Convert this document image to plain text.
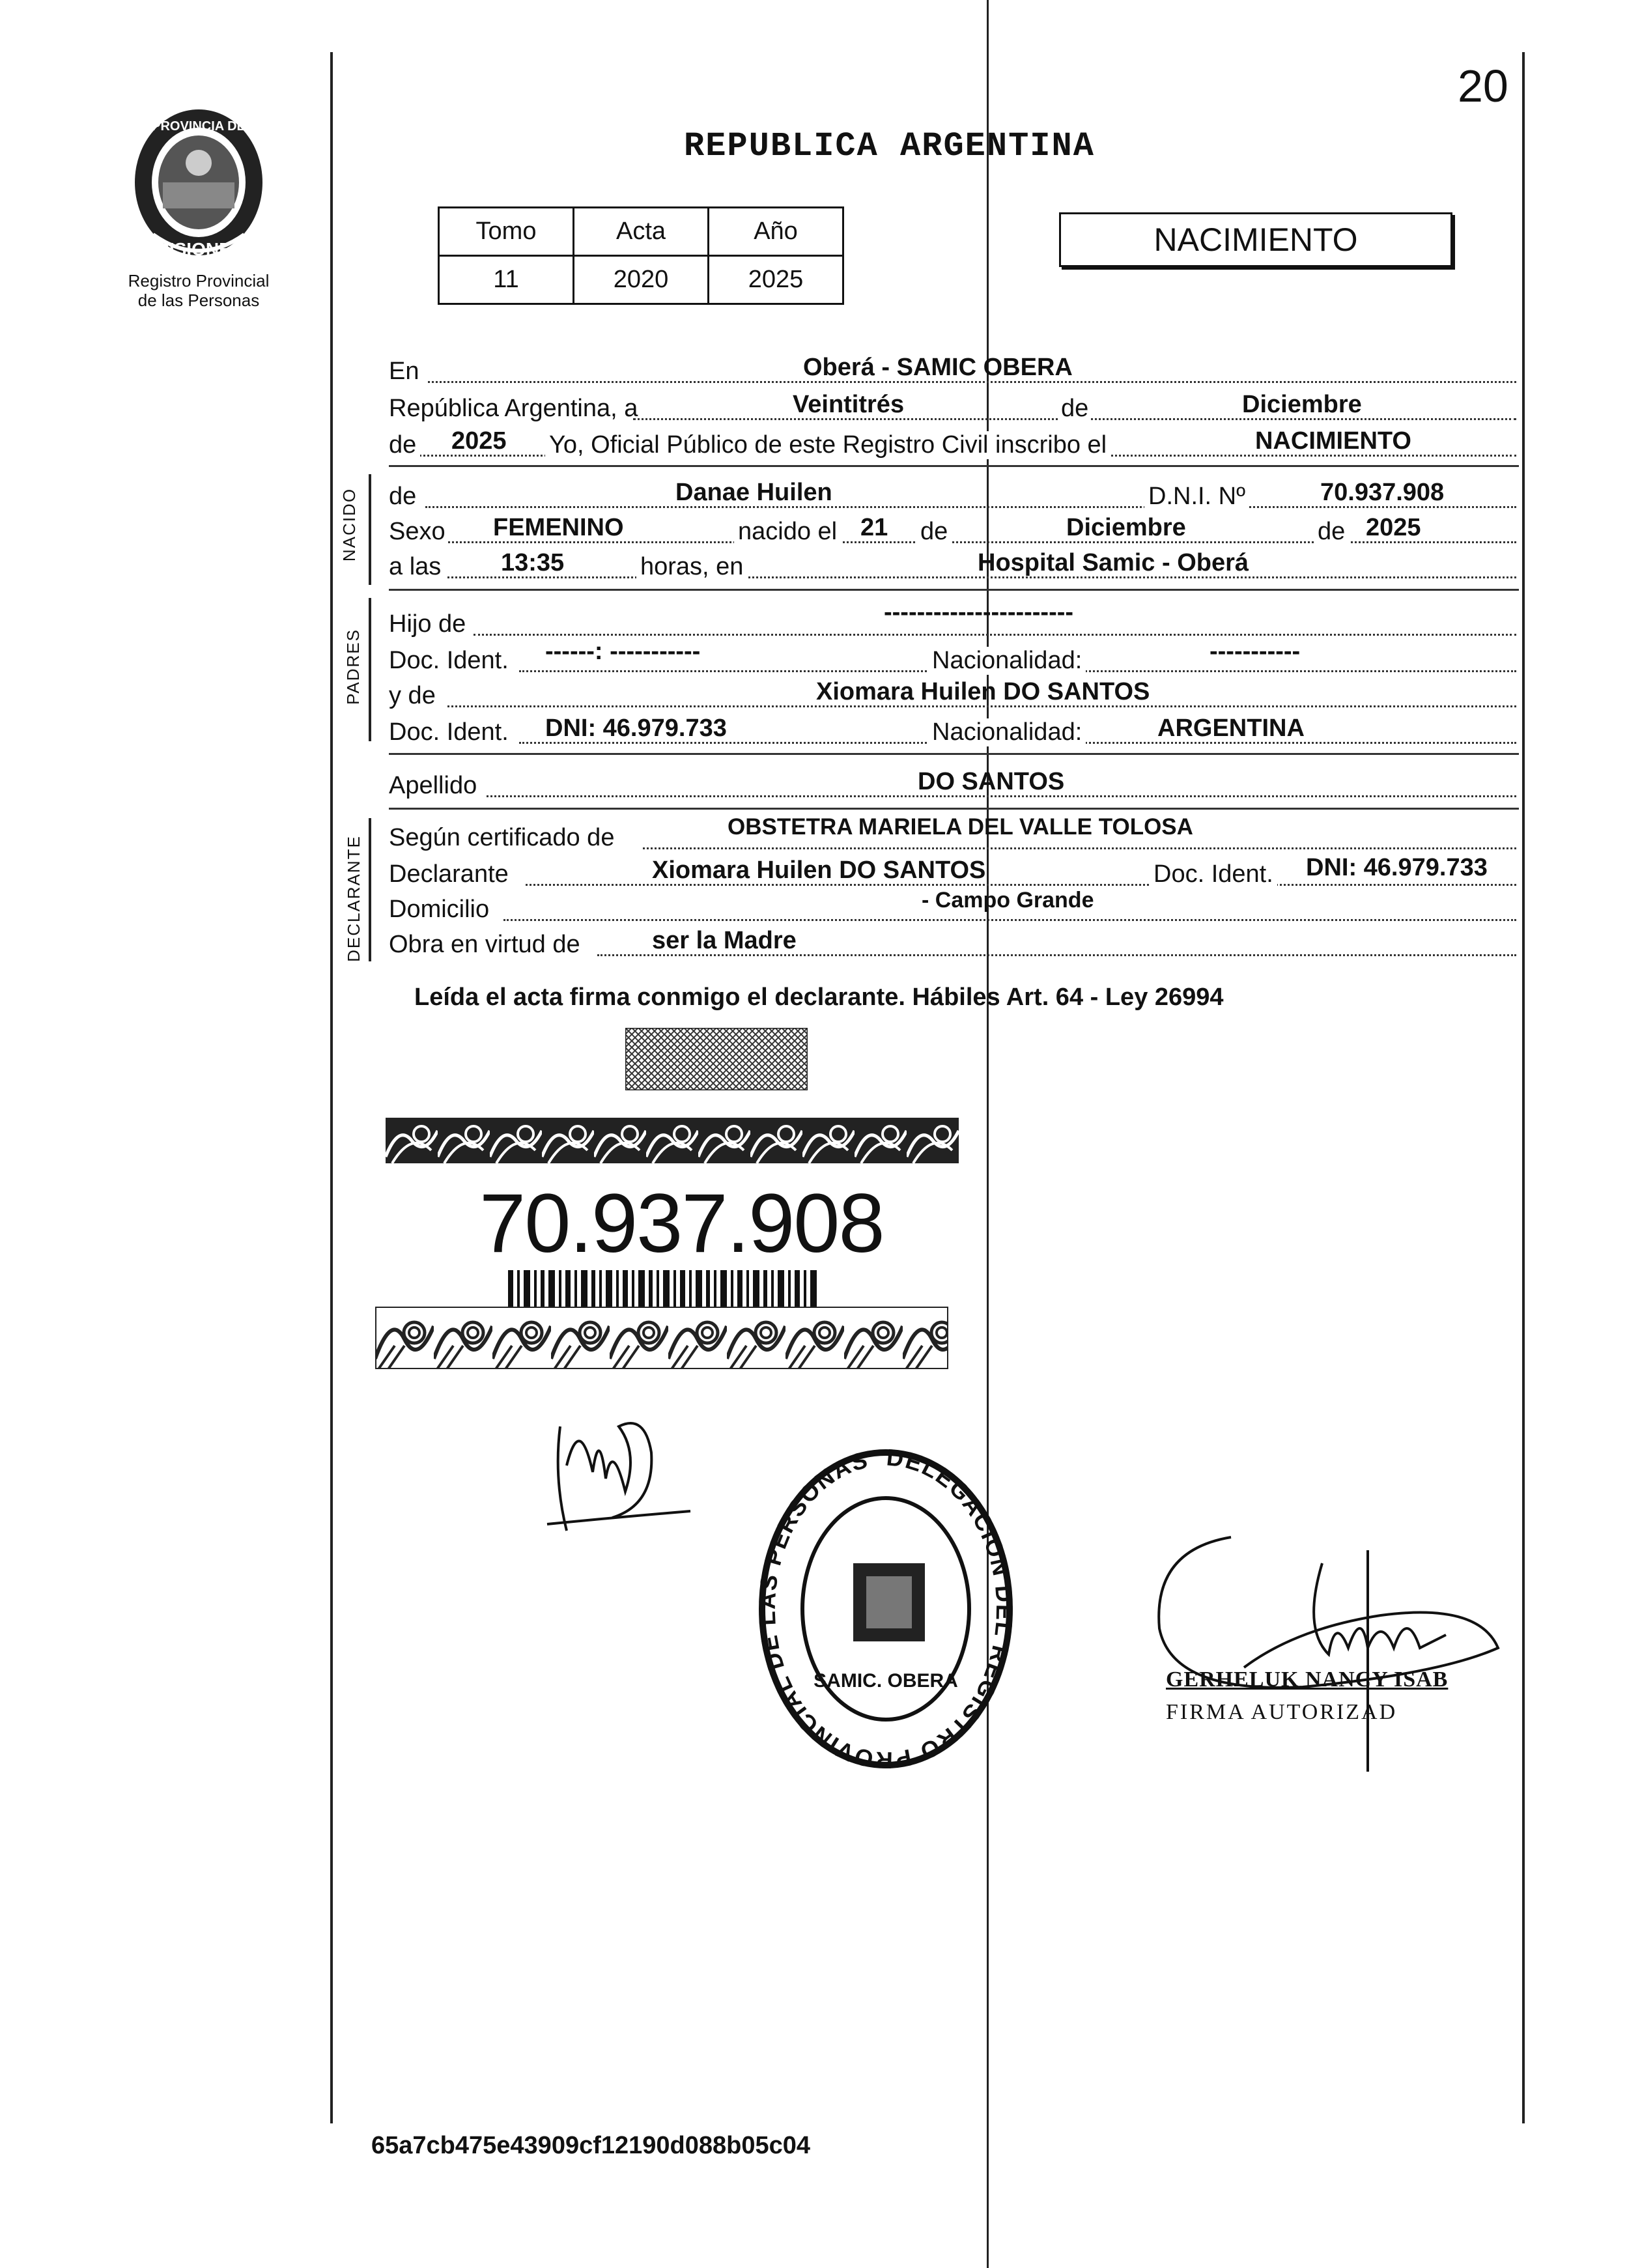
MISIONES
PROVINCIA DE
Registro Provincial
de las Personas
20
REPUBLICA ARGENTINA
Tomo	Acta	Año
11	2020	2025
NACIMIENTO
En	Oberá - SAMIC OBERA
República Argentina, a	Veintitrés	de	Diciembre
de 2025 Yo, Oficial Público de este Registro Civil inscribo el	NACIMIENTO
NACIDO de	Danae Huilen	D.N.I. Nº	70.937.908
Sexo FEMENINO	nacido el 21 de	Diciembre	de 2025
a las 13:35	horas, en	Hospital Samic - Oberá
PADRES
Hijo de	-----------------------
Doc. Ident. ------: -----------	Nacionalidad:	-----------
y de	Xiomara Huilen DO SANTOS
Doc. Ident. DNI: 46.979.733	Nacionalidad:	ARGENTINA
Apellido	DO SANTOS
DECLARANTE Según certificado de	OBSTETRA MARIELA DEL VALLE TOLOSA
Declarante	Xiomara Huilen DO SANTOS	Doc. Ident. DNI: 46.979.733
Domicilio	- Campo Grande
Obra en virtud de	ser la Madre
Leída el acta firma conmigo el declarante. Hábiles Art. 64 - Ley 26994
70.937.908
DELEGACION DEL REGISTRO PROVINCIAL DE LAS PERSONAS
SAMIC. OBERA	GERHELUK NANCY ISAB
FIRMA AUTORIZAD
65a7cb475e43909cf12190d088b05c04
